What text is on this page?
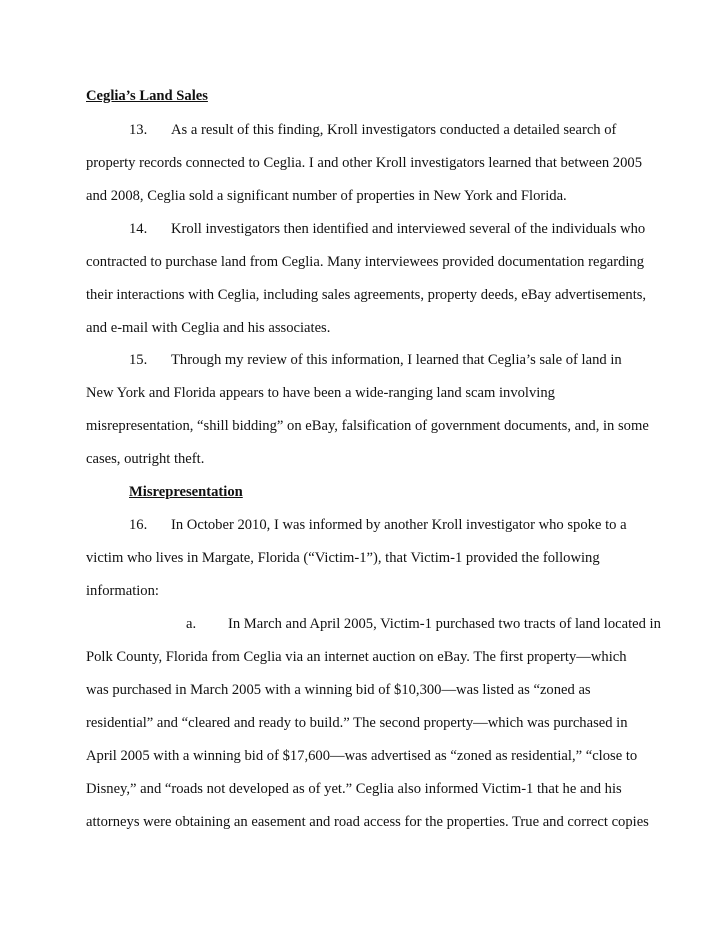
Ceglia’s Land Sales
13. As a result of this finding, Kroll investigators conducted a detailed search of
property records connected to Ceglia. I and other Kroll investigators learned that between 2005
and 2008, Ceglia sold a significant number of properties in New York and Florida.
14. Kroll investigators then identified and interviewed several of the individuals who
contracted to purchase land from Ceglia. Many interviewees provided documentation regarding
their interactions with Ceglia, including sales agreements, property deeds, eBay advertisements,
and e-mail with Ceglia and his associates.
15. Through my review of this information, I learned that Ceglia’s sale of land in
New York and Florida appears to have been a wide-ranging land scam involving
misrepresentation, “shill bidding” on eBay, falsification of government documents, and, in some
cases, outright theft.
Misrepresentation
16. In October 2010, I was informed by another Kroll investigator who spoke to a
victim who lives in Margate, Florida (“Victim-1”), that Victim-1 provided the following
information:
a. In March and April 2005, Victim-1 purchased two tracts of land located in
Polk County, Florida from Ceglia via an internet auction on eBay. The first property—which
was purchased in March 2005 with a winning bid of $10,300—was listed as “zoned as
residential” and “cleared and ready to build.” The second property—which was purchased in
April 2005 with a winning bid of $17,600—was advertised as “zoned as residential,” “close to
Disney,” and “roads not developed as of yet.” Ceglia also informed Victim-1 that he and his
attorneys were obtaining an easement and road access for the properties. True and correct copies
